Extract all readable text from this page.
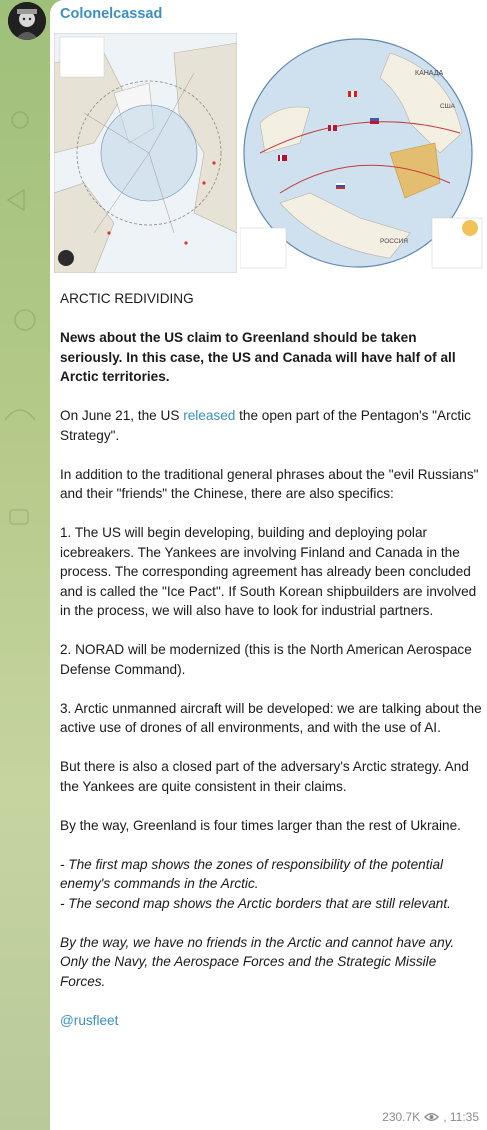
Colonelcassad
КАНАДА
США
РОССИЯ

ARCTIC REDIVIDING

News about the US claim to Greenland should be taken seriously. In this case, the US and Canada will have half of all Arctic territories.

On June 21, the US released the open part of the Pentagon's "Arctic Strategy".

In addition to the traditional general phrases about the "evil Russians" and their "friends" the Chinese, there are also specifics:

1. The US will begin developing, building and deploying polar icebreakers. The Yankees are involving Finland and Canada in the process. The corresponding agreement has already been concluded and is called the "Ice Pact". If South Korean shipbuilders are involved in the process, we will also have to look for industrial partners.

2. NORAD will be modernized (this is the North American Aerospace Defense Command).

3. Arctic unmanned aircraft will be developed: we are talking about the active use of drones of all environments, and with the use of AI.

But there is also a closed part of the adversary's Arctic strategy. And the Yankees are quite consistent in their claims.

By the way, Greenland is four times larger than the rest of Ukraine.

- The first map shows the zones of responsibility of the potential enemy's commands in the Arctic.

- The second map shows the Arctic borders that are still relevant.

By the way, we have no friends in the Arctic and cannot have any. Only the Navy, the Aerospace Forces and the Strategic Missile Forces.

@rusfleet

230.7K , 11:35
